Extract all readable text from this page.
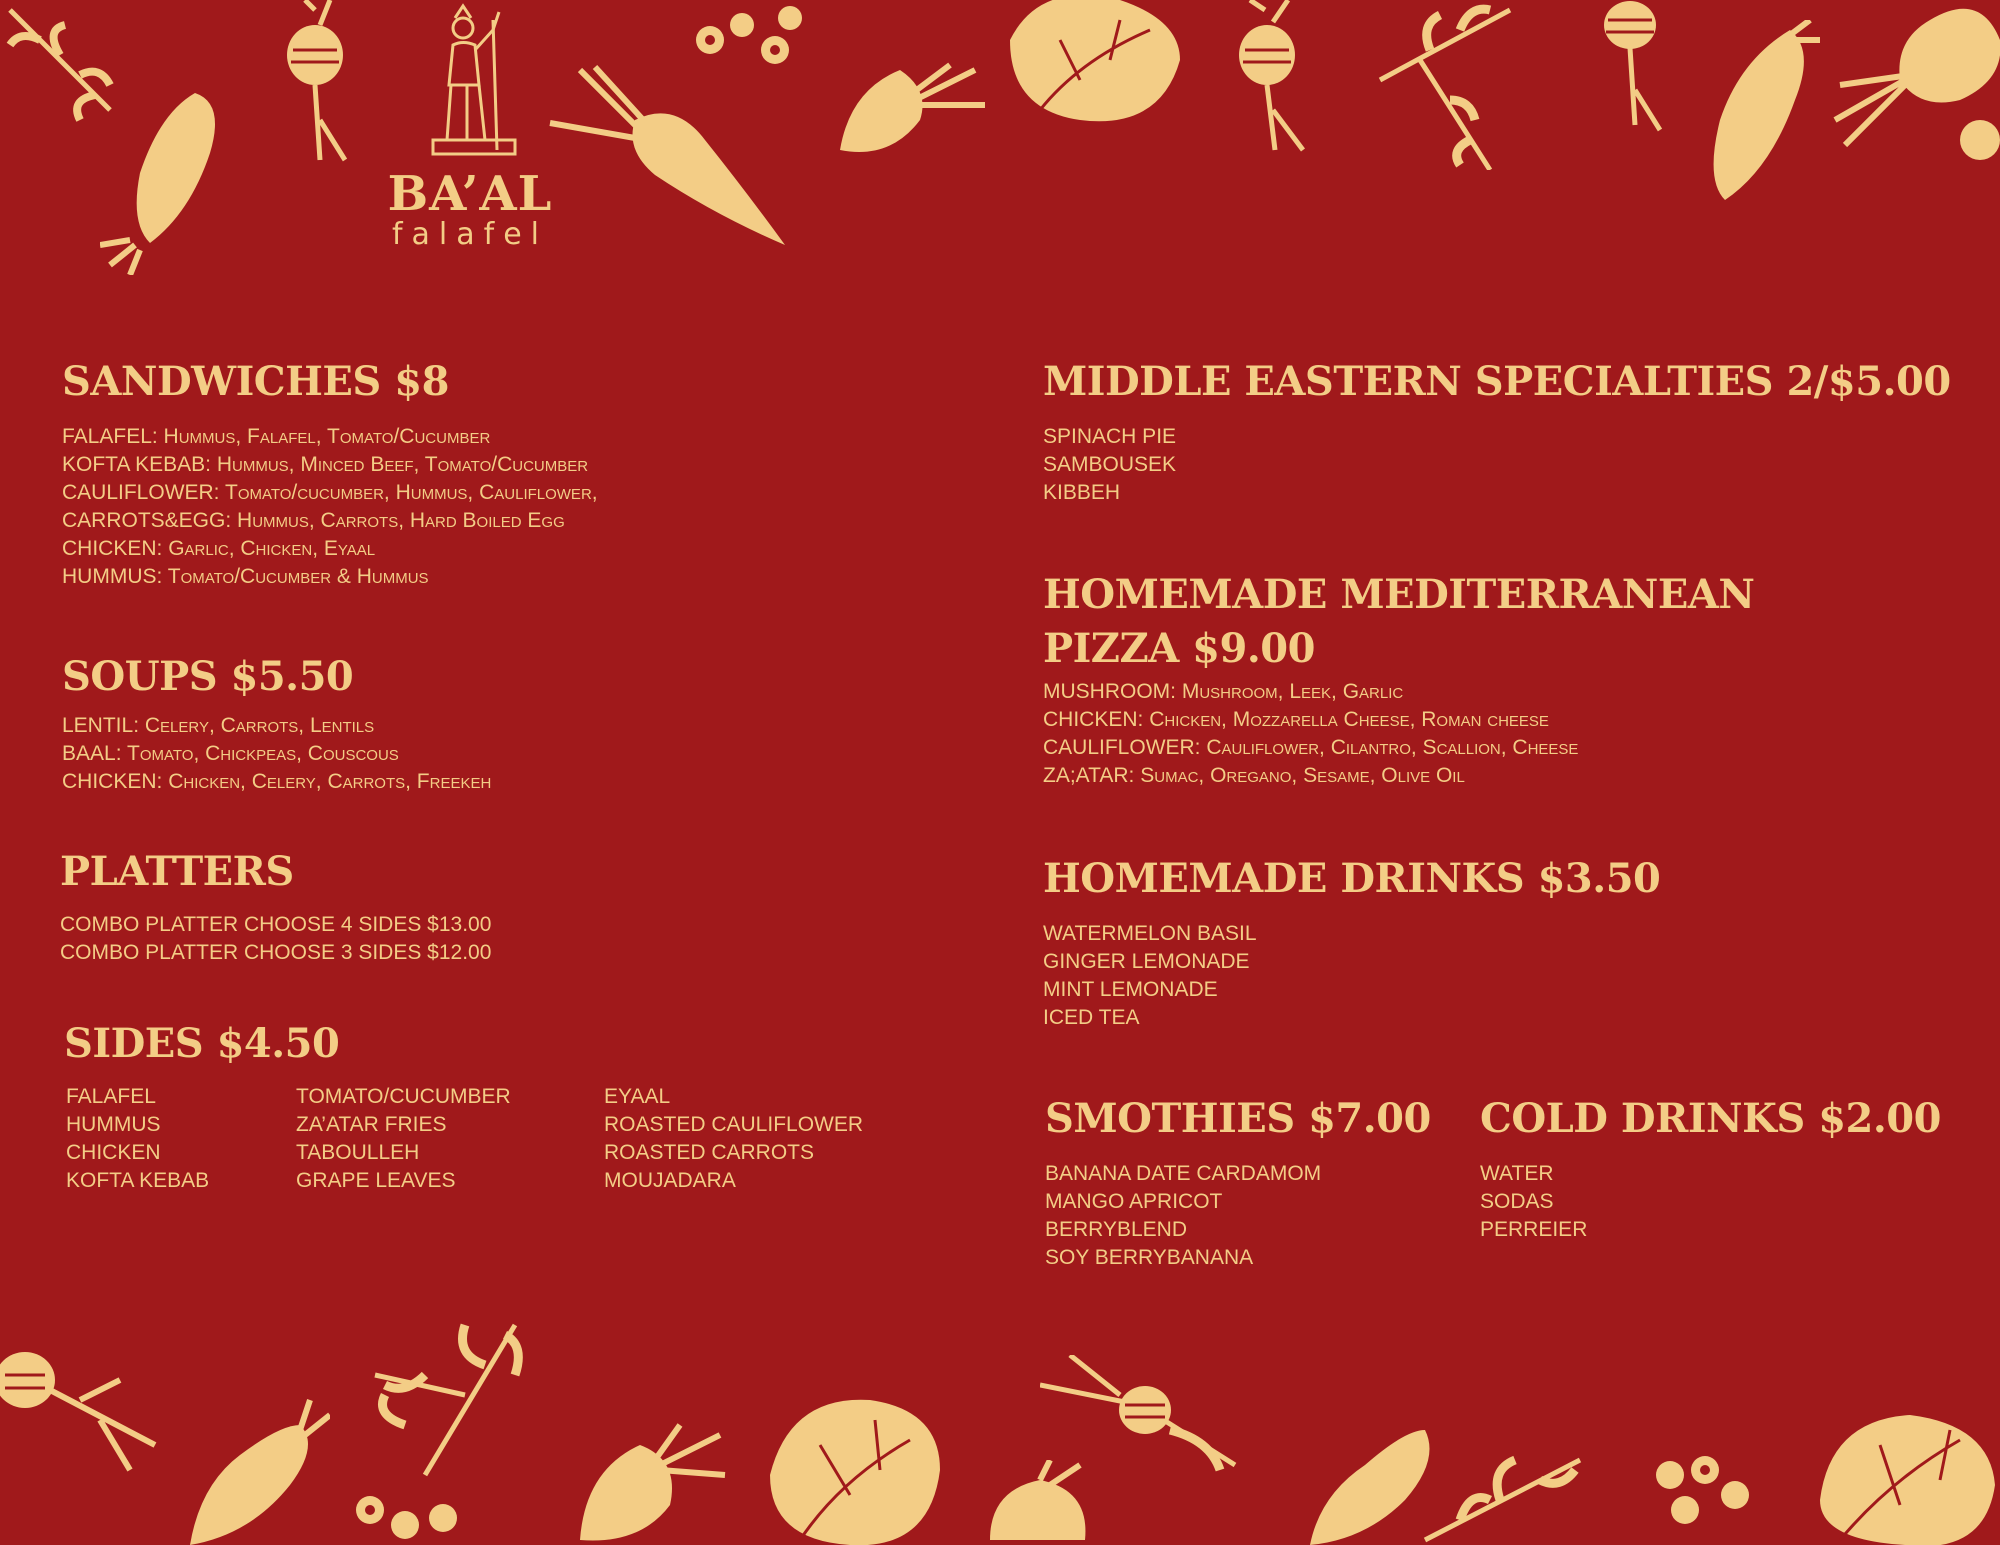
BA’AL
falafel
SANDWICHES $8
FALAFEL: Hummus, Falafel, Tomato/Cucumber
KOFTA KEBAB: Hummus, Minced Beef, Tomato/Cucumber
CAULIFLOWER: Tomato/cucumber, Hummus, Cauliflower,
CARROTS&EGG: Hummus, Carrots, Hard Boiled Egg
CHICKEN: Garlic, Chicken, Eyaal
HUMMUS: Tomato/Cucumber & Hummus
SOUPS $5.50
LENTIL: Celery, Carrots, Lentils
BAAL: Tomato, Chickpeas, Couscous
CHICKEN: Chicken, Celery, Carrots, Freekeh
PLATTERS
COMBO PLATTER CHOOSE 4 SIDES $13.00
COMBO PLATTER CHOOSE 3 SIDES $12.00
SIDES $4.50
FALAFEL
HUMMUS
CHICKEN
KOFTA KEBAB
TOMATO/CUCUMBER
ZA’ATAR FRIES
TABOULLEH
GRAPE LEAVES
EYAAL
ROASTED CAULIFLOWER
ROASTED CARROTS
MOUJADARA
MIDDLE EASTERN SPECIALTIES 2/$5.00
SPINACH PIE
SAMBOUSEK
KIBBEH
HOMEMADE MEDITERRANEAN
PIZZA $9.00
MUSHROOM: Mushroom, Leek, Garlic
CHICKEN: Chicken, Mozzarella Cheese, Roman cheese
CAULIFLOWER: Cauliflower, Cilantro, Scallion, Cheese
ZA;ATAR: Sumac, Oregano, Sesame, Olive Oil
HOMEMADE DRINKS $3.50
WATERMELON BASIL
GINGER LEMONADE
MINT LEMONADE
ICED TEA
SMOTHIES $7.00
BANANA DATE CARDAMOM
MANGO APRICOT
BERRYBLEND
SOY BERRYBANANA
COLD DRINKS $2.00
WATER
SODAS
PERREIER
